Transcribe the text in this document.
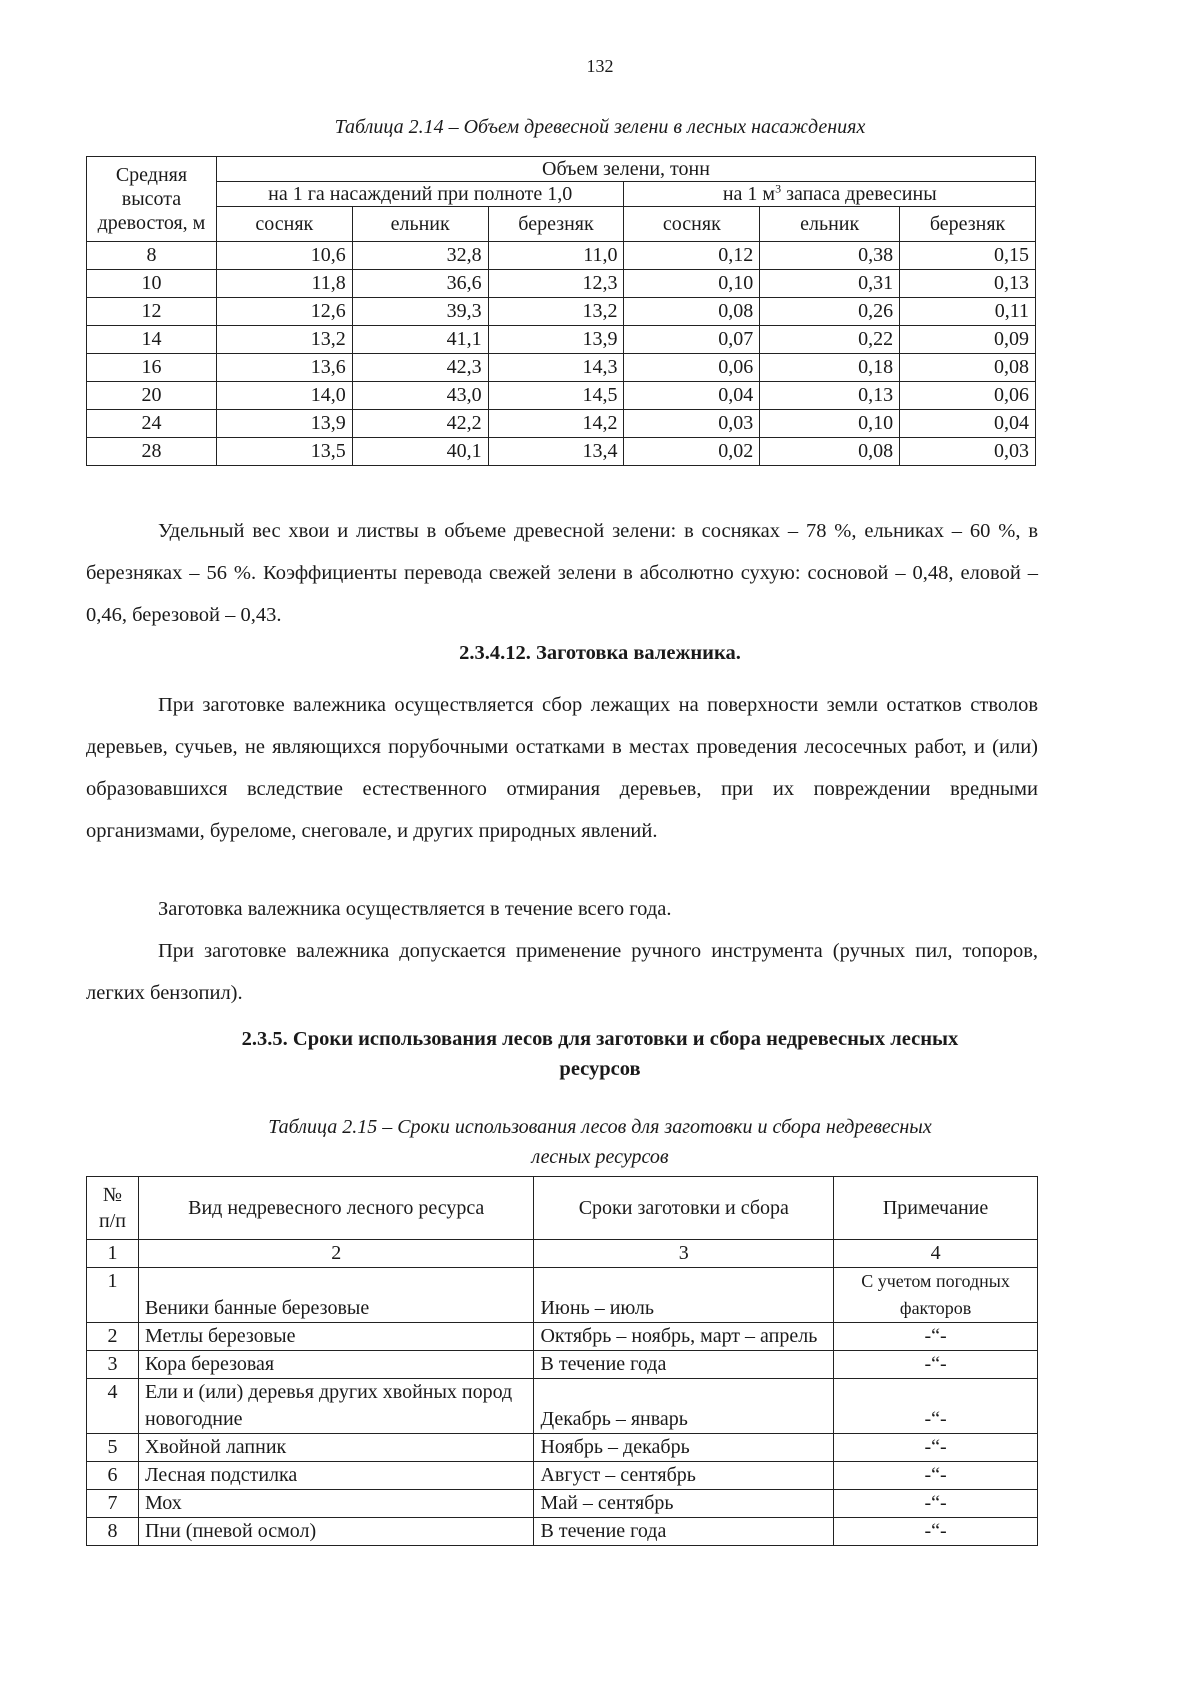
132
Таблица 2.14 – Объем древесной зелени в лесных насаждениях
Средняя высота древостоя, м	Объем зелени, тонн					
	на 1 га насаждений при полноте 1,0			на 1 $м^3$ запаса древесины		
	сосняк	ельник	березняк	сосняк	ельник	березняк
8	10,6	32,8	11,0	0,12	0,38	0,15
10	11,8	36,6	12,3	0,10	0,31	0,13
12	12,6	39,3	13,2	0,08	0,26	0,11
14	13,2	41,1	13,9	0,07	0,22	0,09
16	13,6	42,3	14,3	0,06	0,18	0,08
20	14,0	43,0	14,5	0,04	0,13	0,06
24	13,9	42,2	14,2	0,03	0,10	0,04
28	13,5	40,1	13,4	0,02	0,08	0,03
Удельный вес хвои и листвы в объеме древесной зелени: в сосняках – 78 %, ельниках – 60 %, в березняках – 56 %. Коэффициенты перевода свежей зелени в абсолютно сухую: сосновой – 0,48, еловой – 0,46, березовой – 0,43.
2.3.4.12. Заготовка валежника.
При заготовке валежника осуществляется сбор лежащих на поверхности земли остатков стволов деревьев, сучьев, не являющихся порубочными остатками в местах проведения лесосечных работ, и (или) образовавшихся вследствие естественного отмирания деревьев, при их повреждении вредными организмами, буреломе, снеговале, и других природных явлений.
Заготовка валежника осуществляется в течение всего года.
При заготовке валежника допускается применение ручного инструмента (ручных пил, топоров, легких бензопил).
2.3.5. Сроки использования лесов для заготовки и сбора недревесных лесных
ресурсов
Таблица 2.15 – Сроки использования лесов для заготовки и сбора недревесных
лесных ресурсов
№ п/п	Вид недревесного лесного ресурса	Сроки заготовки и сбора	Примечание
1	2	3	4
1	Веники банные березовые	Июнь – июль	С учетом погодных факторов
2	Метлы березовые	Октябрь – ноябрь, март – апрель	-“-
3	Кора березовая	В течение года	-“-
4	Ели и (или) деревья других хвойных пород новогодние	Декабрь – январь	-“-
5	Хвойной лапник	Ноябрь – декабрь	-“-
6	Лесная подстилка	Август – сентябрь	-“-
7	Мох	Май – сентябрь	-“-
8	Пни (пневой осмол)	В течение года	-“-
